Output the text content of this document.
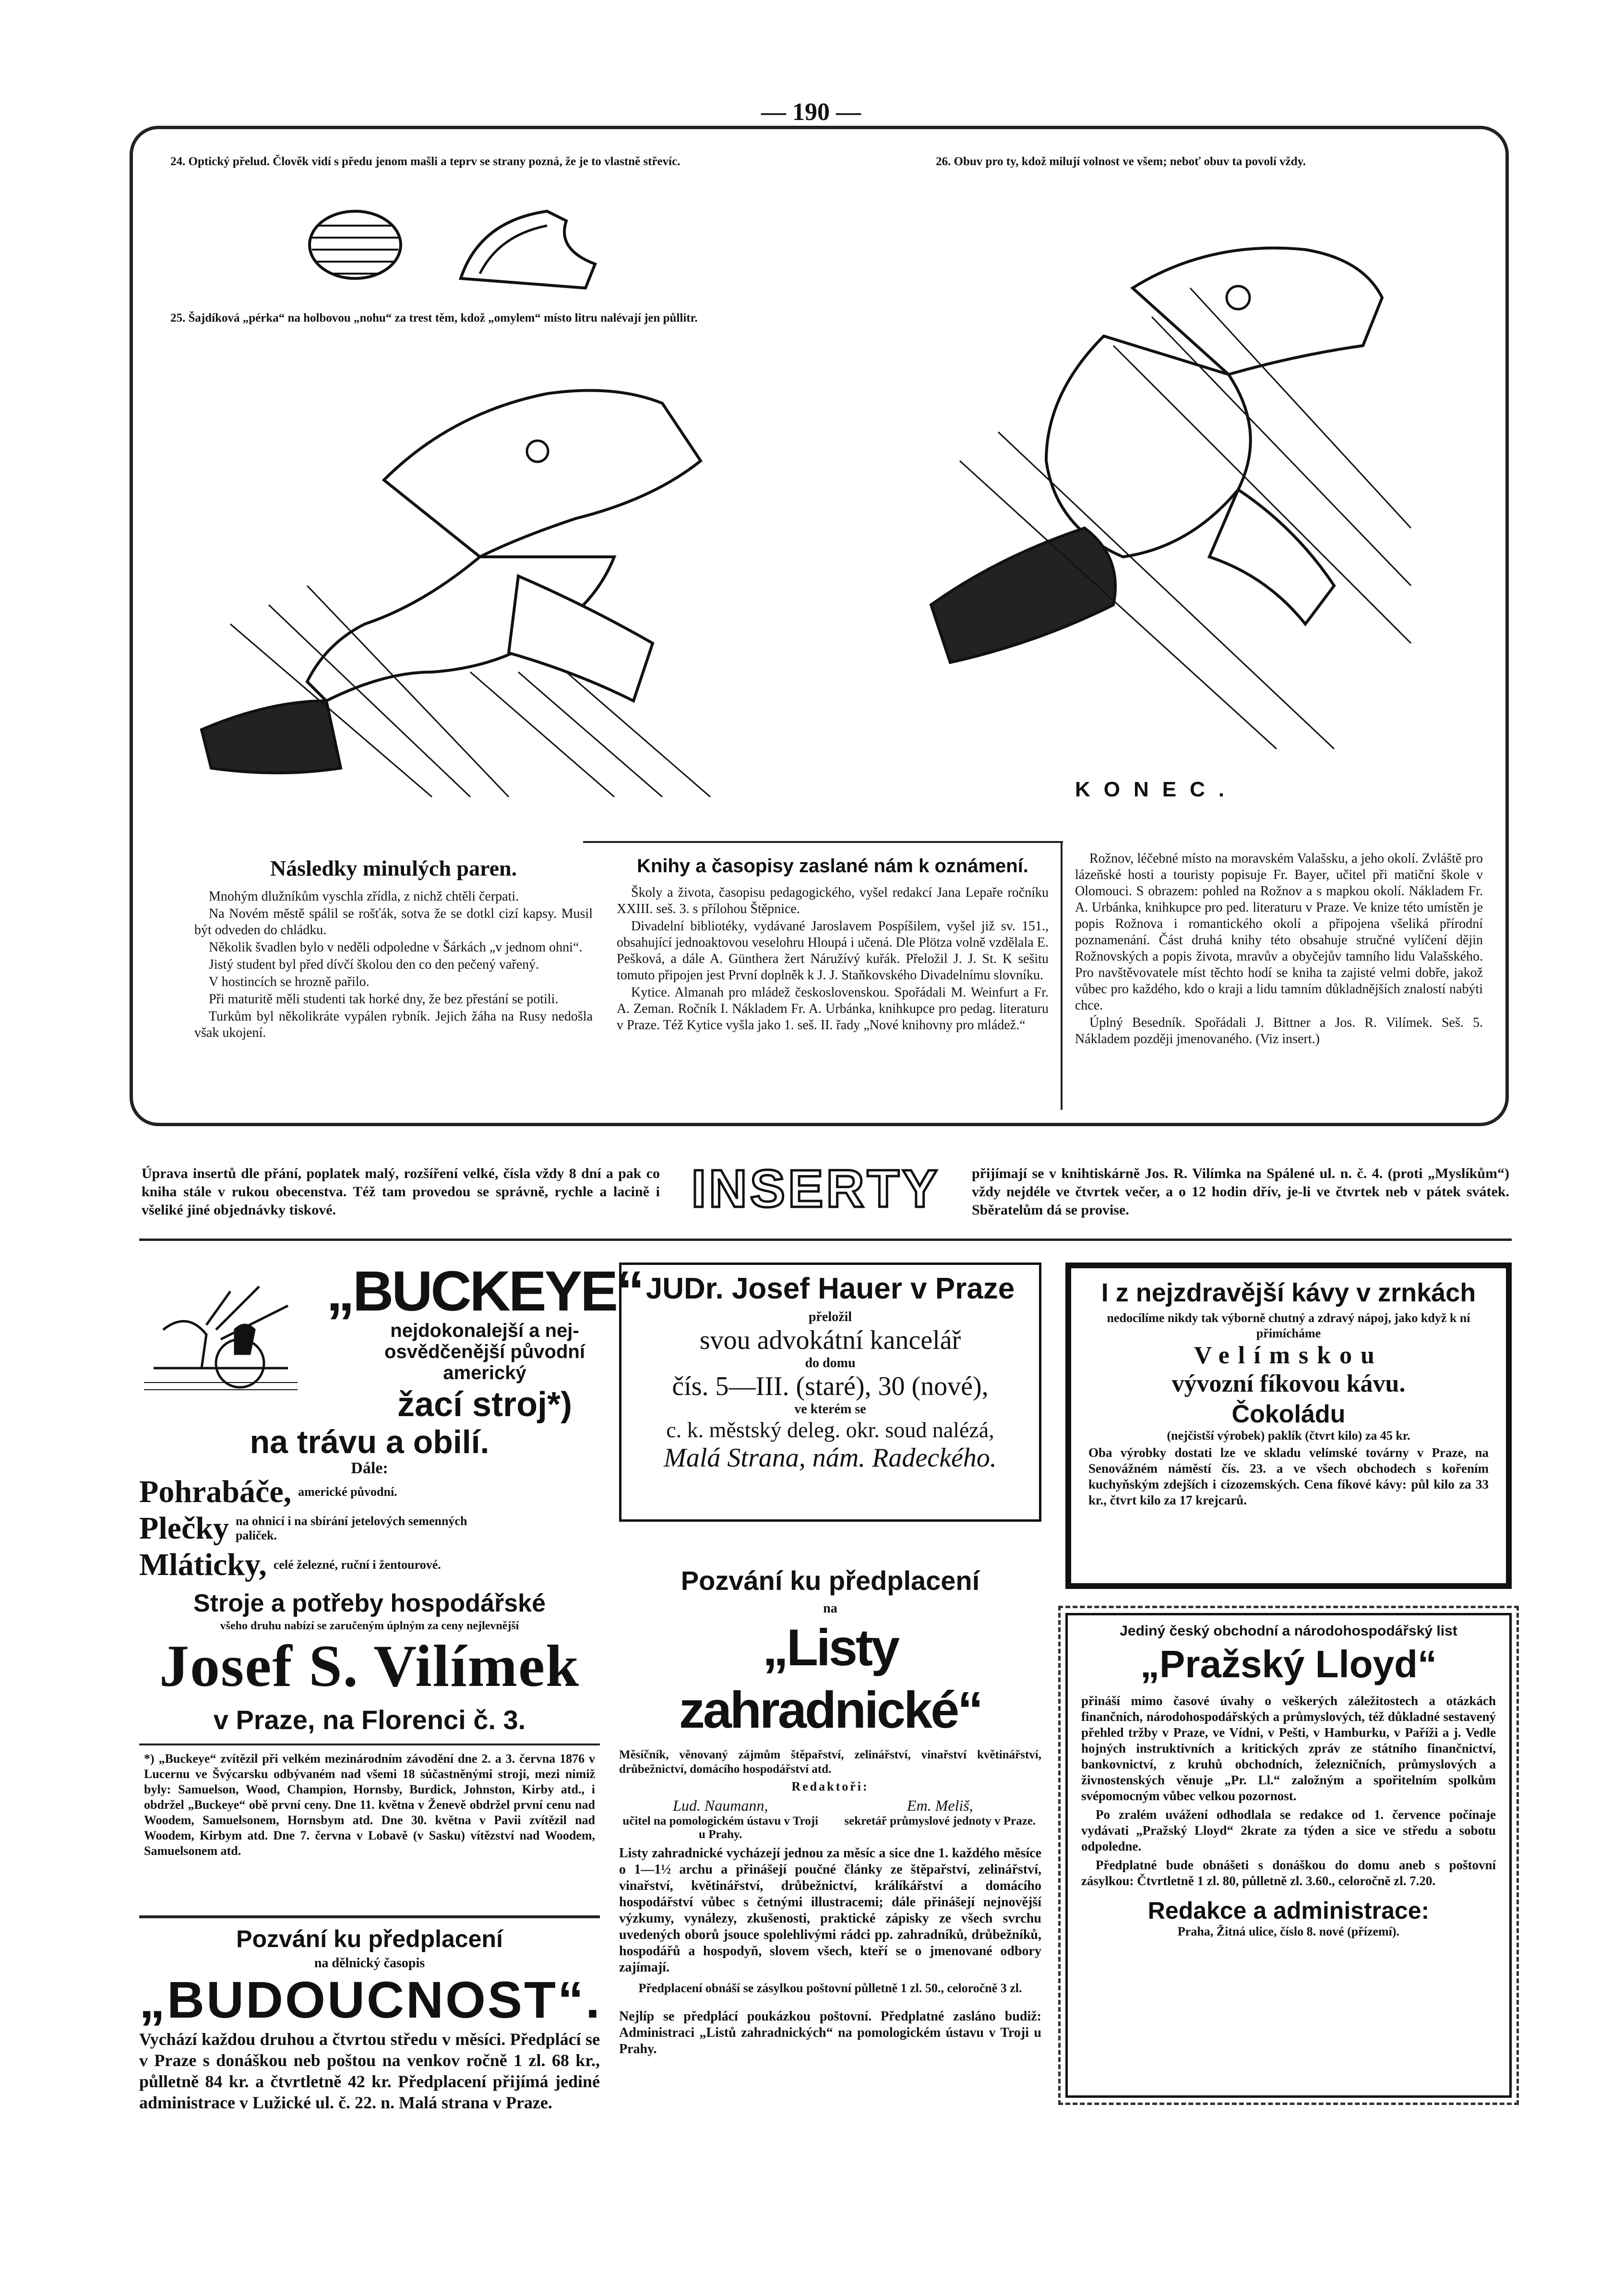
— 190 —
24. Optický přelud. Člověk vidí s předu jenom mašli a teprv se strany pozná, že je to vlastně střevíc.	26. Obuv pro ty, kdož milují volnost ve všem; neboť obuv ta povolí vždy.
25. Šajdíková „pérka“ na holbovou „nohu“ za trest těm, kdož „omylem“ místo litru nalévají jen půllitr.
KONEC.
Následky minulých paren.

Mnohým dlužníkům vyschla zřídla, z nichž chtěli čerpati.

Na Novém městě spálil se rošťák, sotva že se dotkl cizí kapsy. Musil být odveden do chládku.

Několik švadlen bylo v neděli odpoledne v Šárkách „v jednom ohni“.

Jistý student byl před dívčí školou den co den pečený vařený.

V hostincích se hrozně pařilo.

Při maturitě měli studenti tak horké dny, že bez přestání se potili.

Turkům byl několikráte vypálen rybník. Jejich žáha na Rusy nedošla však ukojení.

Knihy a časopisy zaslané nám k oznámení.

Školy a života, časopisu pedagogického, vyšel redakcí Jana Lepaře ročníku XXIII. seš. 3. s přílohou Štěpnice.

Divadelní bibliotéky, vydávané Jaroslavem Pospíšilem, vyšel již sv. 151., obsahující jednoaktovou veselohru Hloupá i učená. Dle Plötza volně vzdělala E. Pešková, a dále A. Günthera žert Náružívý kuřák. Přeložil J. J. St. K sešitu tomuto připojen jest První doplněk k J. J. Staňkovského Divadelnímu slovníku.

Kytice. Almanah pro mládež československou. Spořádali M. Weinfurt a Fr. A. Zeman. Ročník I. Nákladem Fr. A. Urbánka, knihkupce pro pedag. literaturu v Praze. Též Kytice vyšla jako 1. seš. II. řady „Nové knihovny pro mládež.“

Rožnov, léčebné místo na moravském Valašsku, a jeho okolí. Zvláště pro lázeňské hosti a touristy popisuje Fr. Bayer, učitel při matiční škole v Olomouci. S obrazem: pohled na Rožnov a s mapkou okolí. Nákladem Fr. A. Urbánka, knihkupce pro ped. literaturu v Praze. Ve knize této umístěn je popis Rožnova i romantického okolí a připojena všeliká přírodní poznamenání. Část druhá knihy této obsahuje stručné vylíčení dějin Rožnovských a popis života, mravův a obyčejův tamního lidu Valašského. Pro navštěvovatele míst těchto hodí se kniha ta zajisté velmi dobře, jakož vůbec pro každého, kdo o kraji a lidu tamním důkladnějších znalostí nabýti chce.

Úplný Besedník. Spořádali J. Bittner a Jos. R. Vilímek. Seš. 5. Nákladem později jmenovaného. (Viz insert.)

Úprava insertů dle přání, poplatek malý, rozšíření velké, čísla vždy 8 dní a pak co kniha stále v rukou obecenstva. Též tam provedou se správně, rychle a lacině i všeliké jiné objednávky tiskové.	INSERTY	přijímají se v knihtiskárně Jos. R. Vilímka na Spálené ul. n. č. 4. (proti „Myslíkům“) vždy nejdéle ve čtvrtek večer, a o 12 hodin dřív, je-li ve čtvrtek neb v pátek svátek. Sběratelům dá se provise.
„BUCKEYE“
nejdokonalejší a nej-
osvědčenější původní
americký
žací stroj*)
na trávu a obilí.
Dále:
Pohrabáče, americké původní.
Plečky na ohnicí i na sbírání jetelových semenných paliček.
Mláticky, celé železné, ruční i žentourové.
Stroje a potřeby hospodářské
všeho druhu nabízí se zaručeným úplným za ceny nejlevnější
Josef S. Vilímek
v Praze, na Florenci č. 3.
*) „Buckeye“ zvítězil při velkém mezinárodním závodění dne 2. a 3. června 1876 v Lucernu ve Švýcarsku odbývaném nad všemi 18 súčastněnými stroji, mezi nimiž byly: Samuelson, Wood, Champion, Hornsby, Burdick, Johnston, Kirby atd., i obdržel „Buckeye“ obě první ceny. Dne 11. května v Ženevě obdržel první cenu nad Woodem, Samuelsonem, Hornsbym atd. Dne 30. května v Pavii zvítězil nad Woodem, Kirbym atd. Dne 7. června v Lobavě (v Sasku) vítězství nad Woodem, Samuelsonem atd.
Pozvání ku předplacení
na dělnický časopis
„BUDOUCNOST“.
Vychází každou druhou a čtvrtou středu v měsíci. Předplácí se v Praze s donáškou neb poštou na venkov ročně 1 zl. 68 kr., půlletně 84 kr. a čtvrtletně 42 kr. Předplacení přijímá jediné administrace v Lužické ul. č. 22. n. Malá strana v Praze.
JUDr. Josef Hauer v Praze
přeložil
svou advokátní kancelář
do domu
čís. 5—III. (staré), 30 (nové),
ve kterém se
c. k. městský deleg. okr. soud nalézá,
Malá Strana, nám. Radeckého.
Pozvání ku předplacení
na
„Listy zahradnické“
Měsíčník, věnovaný zájmům štěpařství, zelinářství, vinařství květinářství, drůbežnictví, domácího hospodářství atd.
Redaktoři:
Lud. Naumann,
učitel na pomologickém ústavu v Troji u Prahy.
Em. Meliš,
sekretář průmyslové jednoty v Praze.
Listy zahradnické vycházejí jednou za měsíc a sice dne 1. každého měsíce o 1—1½ archu a přinášejí poučné články ze štěpařství, zelinářství, vinařství, květinářství, drůbežnictví, králíkářství a domácího hospodářství vůbec s četnými illustracemi; dále přinášejí nejnovější výzkumy, vynálezy, zkušenosti, praktické zápisky ze všech svrchu uvedených oborů jsouce spolehlivými rádci pp. zahradníků, drůbežníků, hospodářů a hospodyň, slovem všech, kteří se o jmenované odbory zajímají.
Předplacení obnáší se zásylkou poštovní půlletně 1 zl. 50., celoročně 3 zl.
Nejlíp se předplácí poukázkou poštovní. Předplatné zasláno budiž: Administraci „Listů zahradnických“ na pomologickém ústavu v Troji u Prahy.
I z nejzdravější kávy v zrnkách
nedocílíme nikdy tak výborně chutný a zdravý nápoj, jako když k ní přimícháme
Velímskou
vývozní fíkovou kávu.
Čokoládu
(nejčistší výrobek) paklík (čtvrt kilo) za 45 kr.
Oba výrobky dostati lze ve skladu velímské továrny v Praze, na Senovážném náměstí čís. 23. a ve všech obchodech s kořením kuchyňským zdejších i cizozemských. Cena fíkové kávy: půl kilo za 33 kr., čtvrt kilo za 17 krejcarů.
Jediný český obchodní a národohospodářský list
„Pražský Lloyd“
přináší mimo časové úvahy o veškerých záležitostech a otázkách finančních, národohospodářských a průmyslových, též důkladné sestavený přehled tržby v Praze, ve Vídni, v Pešti, v Hamburku, v Paříži a j. Vedle hojných instruktivních a kritických zpráv ze státního finančnictví, bankovnictví, z kruhů obchodních, železničních, průmyslových a živnostenských věnuje „Pr. Ll.“ založným a spořitelním spolkům svépomocným vůbec velkou pozornost.
Po zralém uvážení odhodlala se redakce od 1. července počínaje vydávati „Pražský Lloyd“ 2krate za týden a sice ve středu a sobotu odpoledne.
Předplatné bude obnášeti s donáškou do domu aneb s poštovní zásylkou: Čtvrtletně 1 zl. 80, půlletně zl. 3.60., celoročně zl. 7.20.
Redakce a administrace:
Praha, Žitná ulice, číslo 8. nové (přízemí).
